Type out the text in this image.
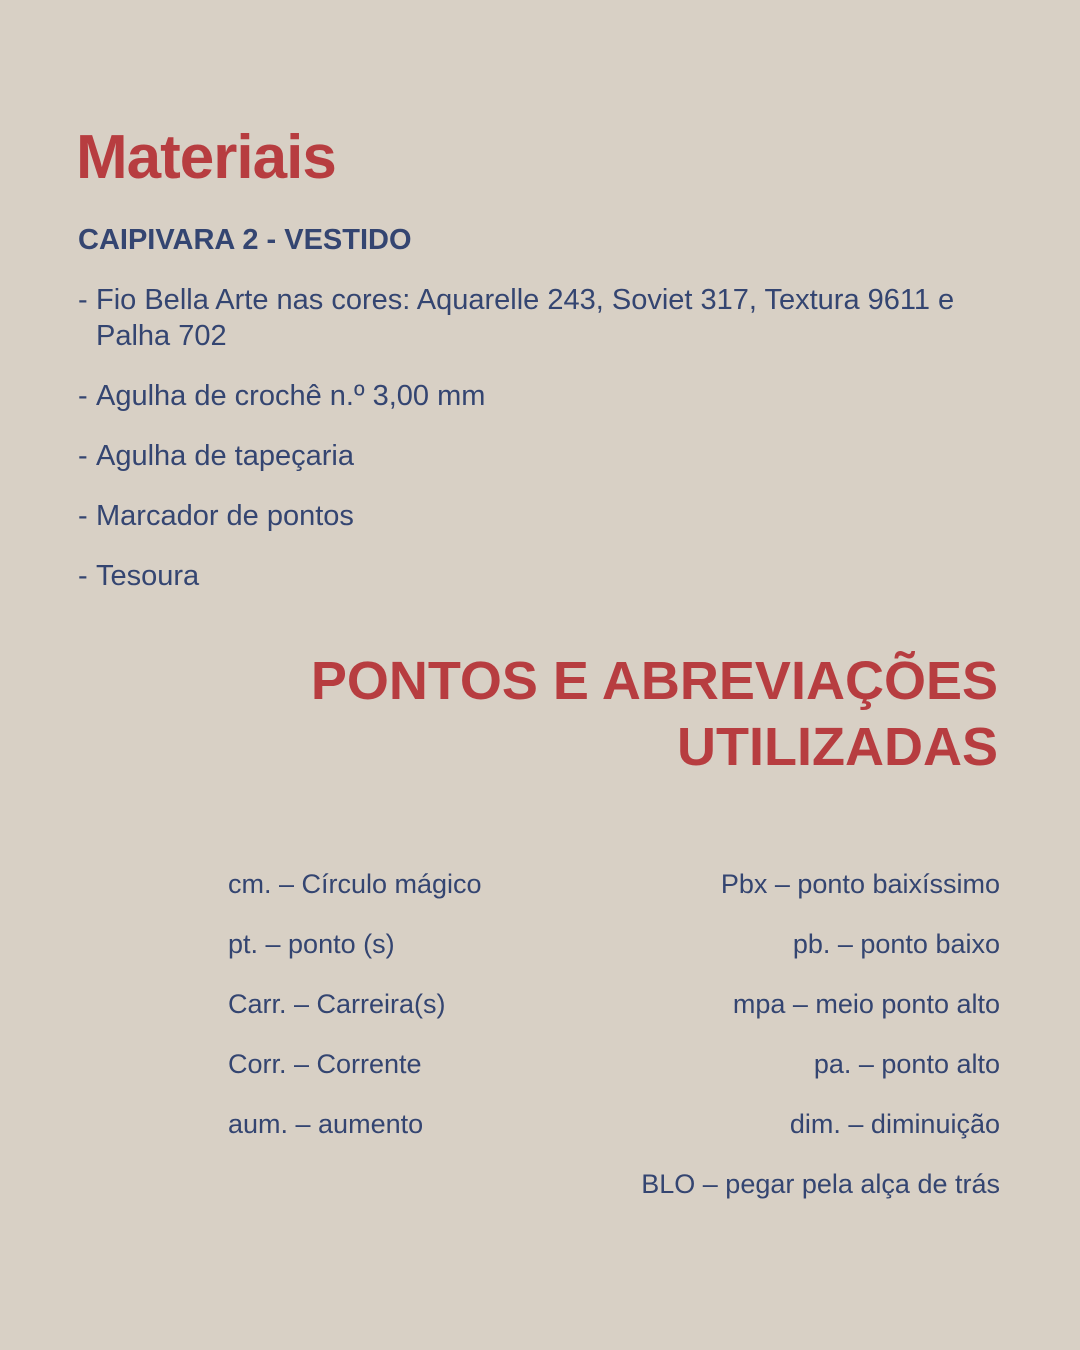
Materiais
CAIPIVARA 2 - VESTIDO
- Fio Bella Arte nas cores: Aquarelle 243, Soviet 317, Textura 9611 e Palha 702
- Agulha de crochê n.º 3,00 mm
- Agulha de tapeçaria
- Marcador de pontos
- Tesoura
PONTOS E ABREVIAÇÕES
UTILIZADAS
cm. – Círculo mágico
pt. – ponto (s)
Carr. – Carreira(s)
Corr. – Corrente
aum. – aumento
Pbx – ponto baixíssimo
pb. – ponto baixo
mpa – meio ponto alto
pa. – ponto alto
dim. – diminuição
BLO – pegar pela alça de trás
